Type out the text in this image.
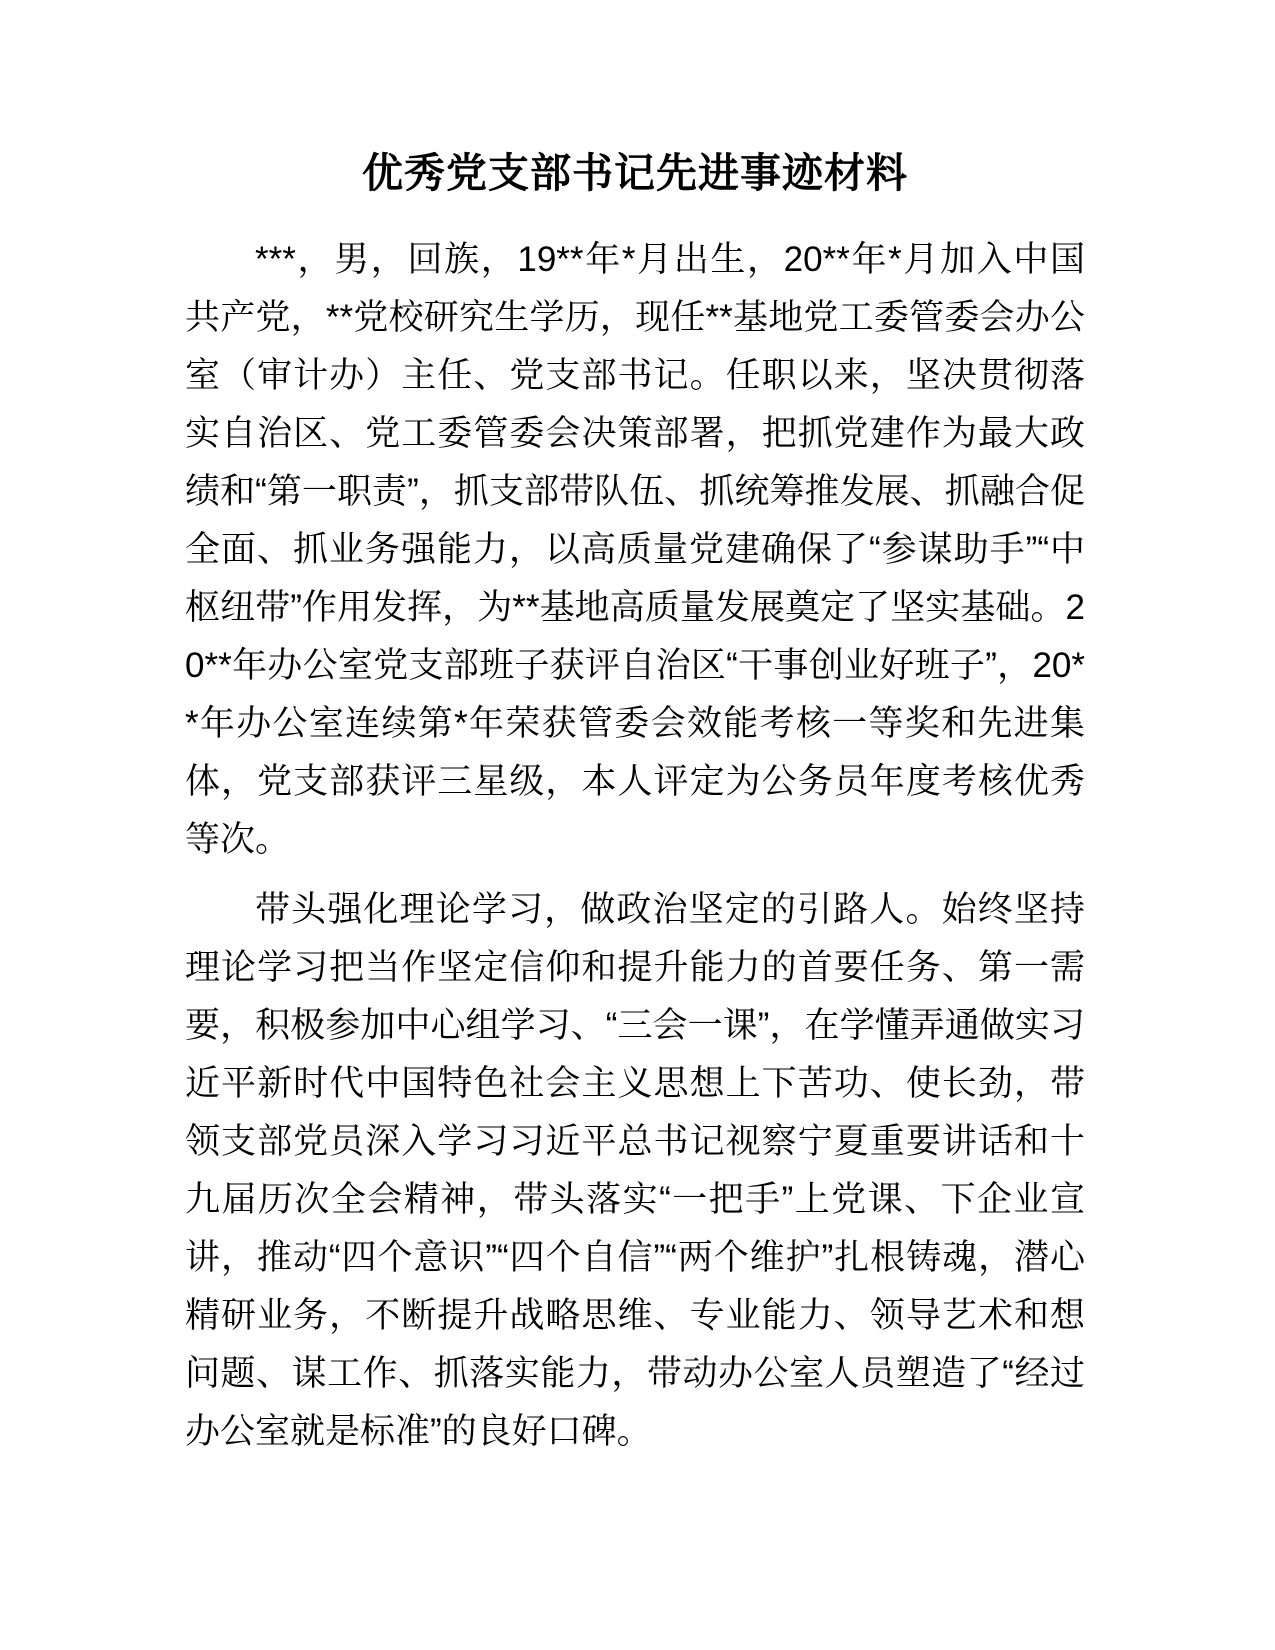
优秀党支部书记先进事迹材料

***，男，回族，19**年*月出生，20**年*月加入中国共产党，**党校研究生学历，现任**基地党工委管委会办公室（审计办）主任、党支部书记。任职以来，坚决贯彻落实自治区、党工委管委会决策部署，把抓党建作为最大政绩和“第一职责”，抓支部带队伍、抓统筹推发展、抓融合促全面、抓业务强能力，以高质量党建确保了“参谋助手”“中枢纽带”作用发挥，为**基地高质量发展奠定了坚实基础。20**年办公室党支部班子获评自治区“干事创业好班子”，20**年办公室连续第*年荣获管委会效能考核一等奖和先进集体，党支部获评三星级，本人评定为公务员年度考核优秀等次。

带头强化理论学习，做政治坚定的引路人。始终坚持理论学习把当作坚定信仰和提升能力的首要任务、第一需要，积极参加中心组学习、“三会一课”，在学懂弄通做实习近平新时代中国特色社会主义思想上下苦功、使长劲，带领支部党员深入学习习近平总书记视察宁夏重要讲话和十九届历次全会精神，带头落实“一把手”上党课、下企业宣讲，推动“四个意识”“四个自信”“两个维护”扎根铸魂，潜心精研业务，不断提升战略思维、专业能力、领导艺术和想问题、谋工作、抓落实能力，带动办公室人员塑造了“经过办公室就是标准”的良好口碑。
